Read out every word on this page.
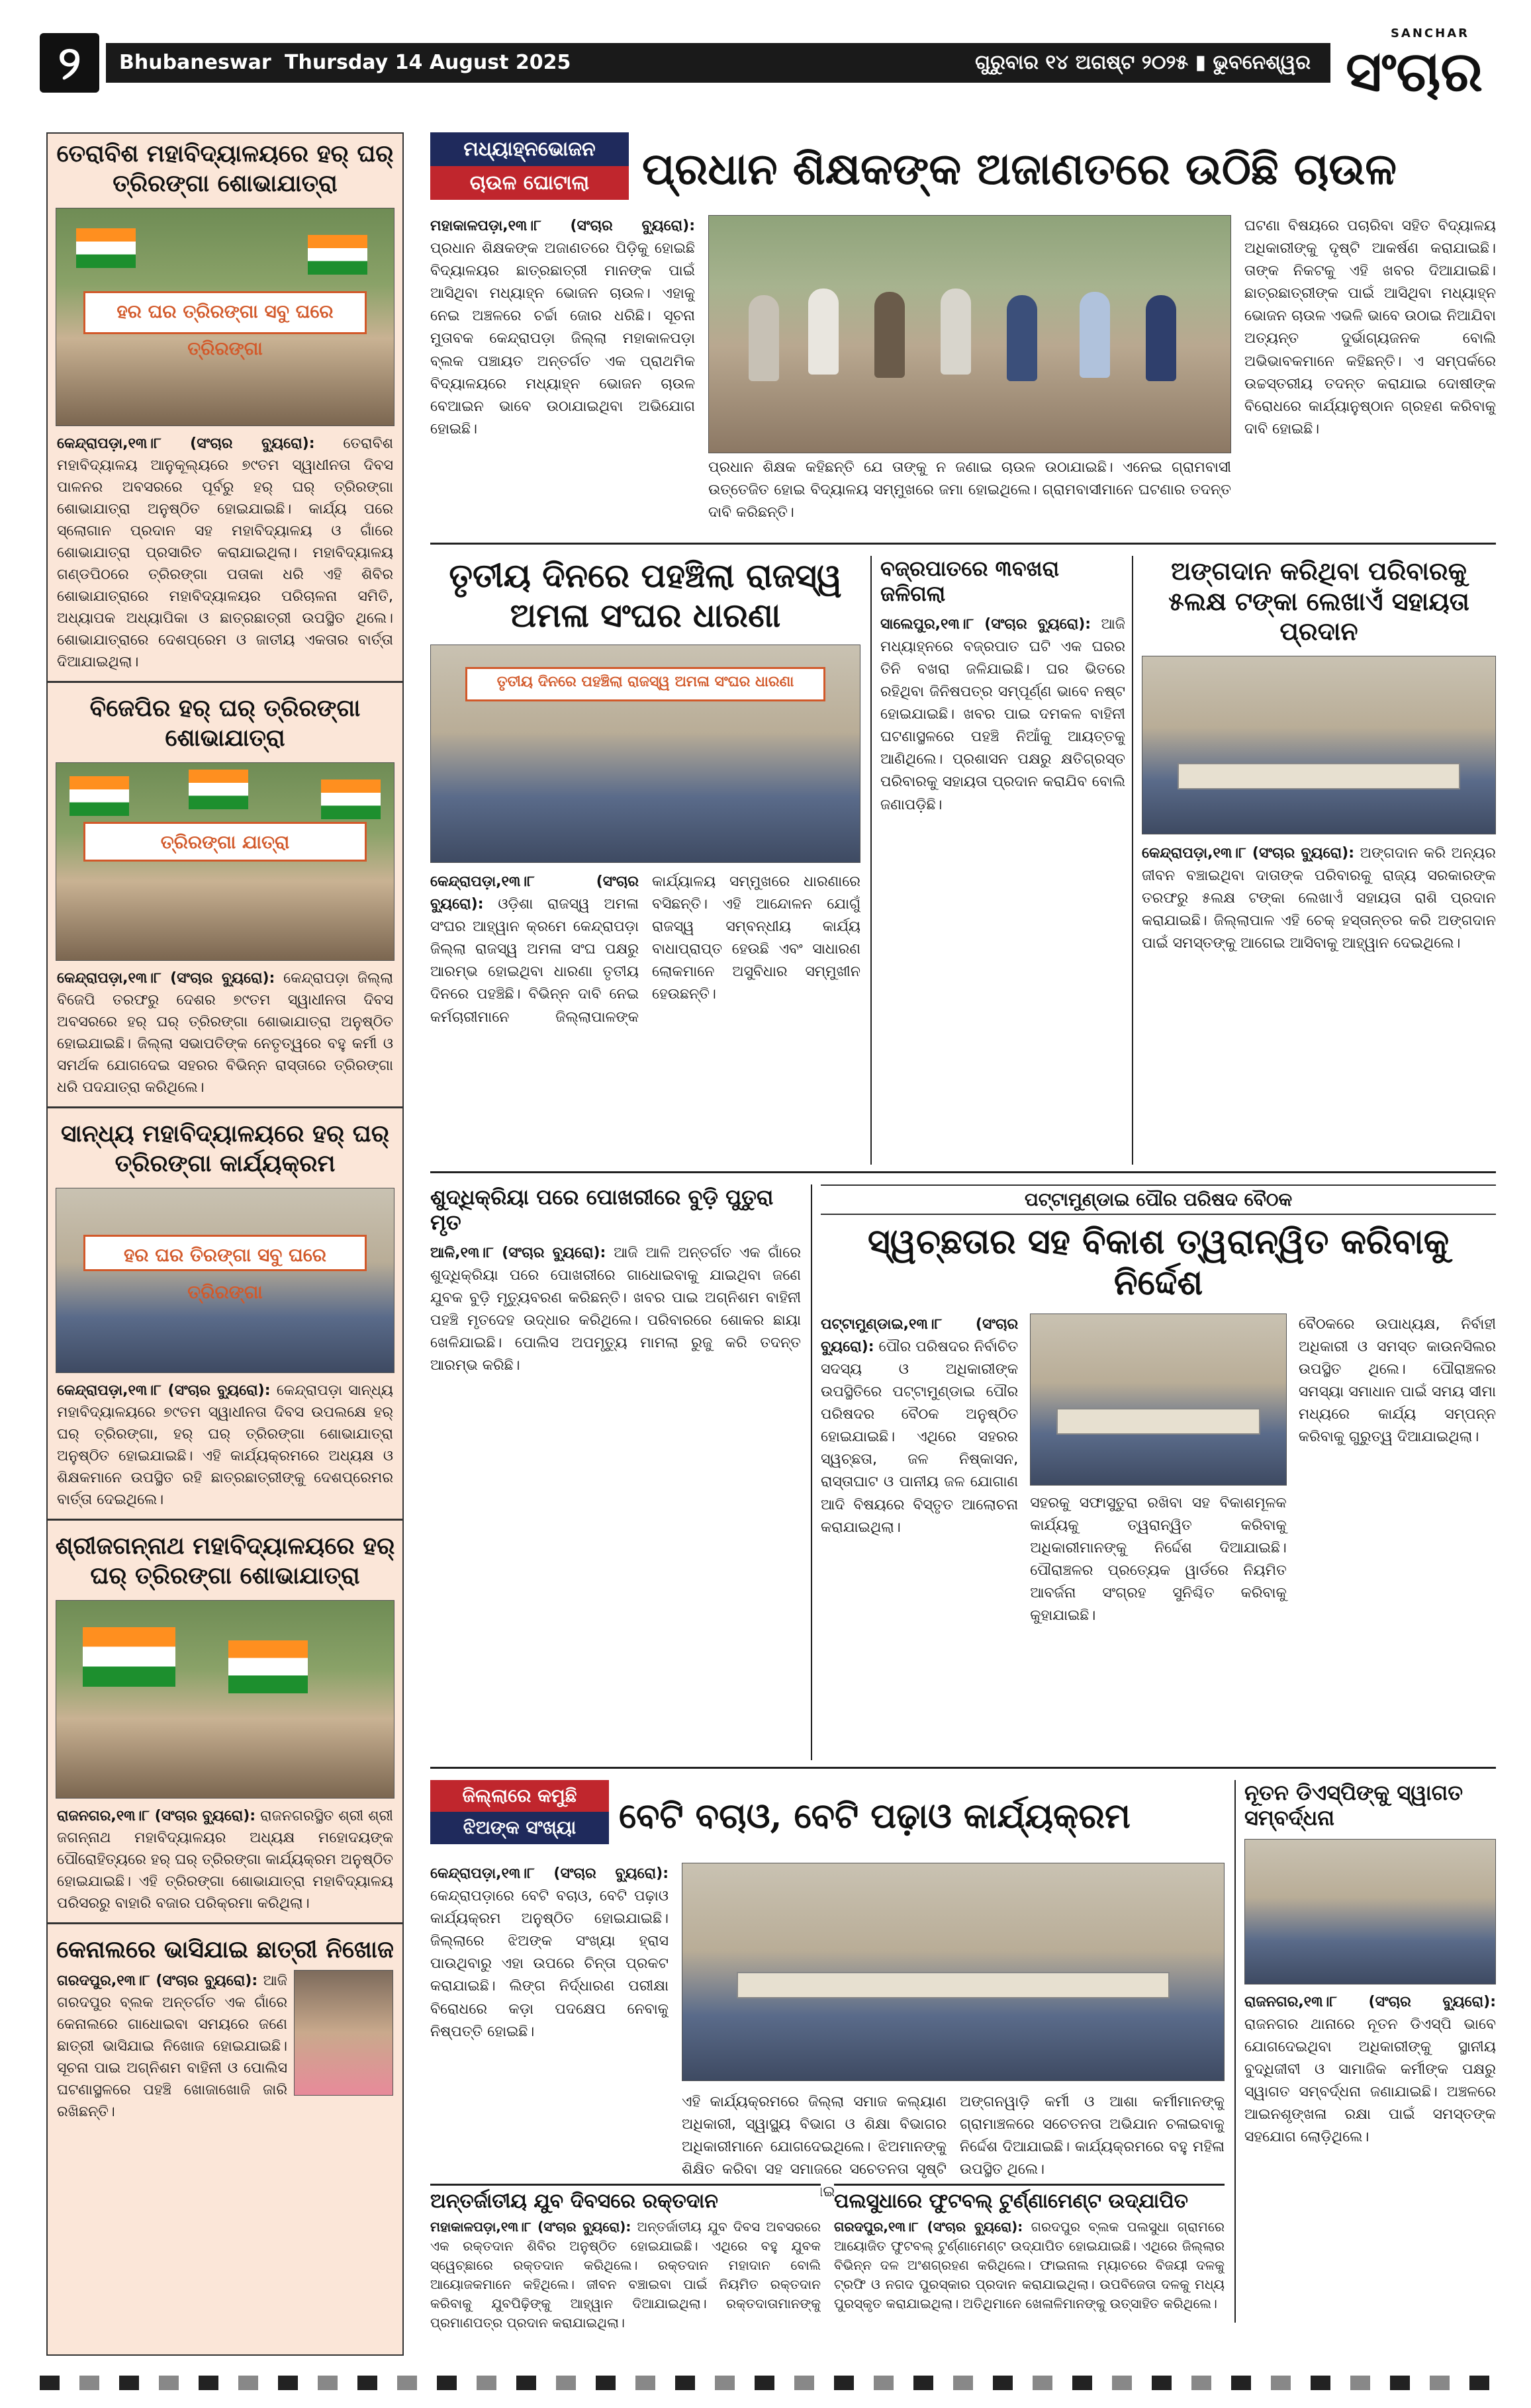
୨	Bhubaneswar Thursday 14 August 2025	ଗୁରୁବାର ୧୪ ଅଗଷ୍ଟ ୨୦୨୫ ▮ ଭୁବନେଶ୍ୱର
SANCHAR
ସଂଚାର
ତେରାବିଶ ମହାବିଦ୍ୟାଳୟରେ ହର୍ ଘର୍ ତ୍ରିରଙ୍ଗା ଶୋଭାଯାତ୍ରା
ହର ଘର ତ୍ରିରଙ୍ଗା ସବୁ ଘରେ ତ୍ରିରଙ୍ଗା
କେନ୍ଦ୍ରାପଡ଼ା,୧୩।୮ (ସଂଚାର ବ୍ୟୁରୋ): ତେରାବିଶ ମହାବିଦ୍ୟାଳୟ ଆନୁକୂଲ୍ୟରେ ୭୯ତମ ସ୍ୱାଧୀନତା ଦିବସ ପାଳନର ଅବସରରେ ପୂର୍ବରୁ ହର୍ ଘର୍ ତ୍ରିରଙ୍ଗା ଶୋଭାଯାତ୍ରା ଅନୁଷ୍ଠିତ ହୋଇଯାଇଛି। କାର୍ଯ୍ୟ ପରେ ସ୍ଲୋଗାନ ପ୍ରଦାନ ସହ ମହାବିଦ୍ୟାଳୟ ଓ ଗାଁରେ ଶୋଭାଯାତ୍ରା ପ୍ରସାରିତ କରାଯାଇଥିଲା। ମହାବିଦ୍ୟାଳୟ ଗଣ୍ଡପିଠରେ ତ୍ରିରଙ୍ଗା ପତାକା ଧରି ଏହି ଶିବିର ଶୋଭାଯାତ୍ରାରେ ମହାବିଦ୍ୟାଳୟର ପରିଚାଳନା ସମିତି, ଅଧ୍ୟାପକ ଅଧ୍ୟାପିକା ଓ ଛାତ୍ରଛାତ୍ରୀ ଉପସ୍ଥିତ ଥିଲେ। ଶୋଭାଯାତ୍ରାରେ ଦେଶପ୍ରେମ ଓ ଜାତୀୟ ଏକତାର ବାର୍ତ୍ତା ଦିଆଯାଇଥିଲା।
ବିଜେପିର ହର୍ ଘର୍ ତ୍ରିରଙ୍ଗା ଶୋଭାଯାତ୍ରା
ତ୍ରିରଙ୍ଗା ଯାତ୍ରା
କେନ୍ଦ୍ରାପଡ଼ା,୧୩।୮ (ସଂଚାର ବ୍ୟୁରୋ): କେନ୍ଦ୍ରାପଡ଼ା ଜିଲ୍ଲା ବିଜେପି ତରଫରୁ ଦେଶର ୭୯ତମ ସ୍ୱାଧୀନତା ଦିବସ ଅବସରରେ ହର୍ ଘର୍ ତ୍ରିରଙ୍ଗା ଶୋଭାଯାତ୍ରା ଅନୁଷ୍ଠିତ ହୋଇଯାଇଛି। ଜିଲ୍ଲା ସଭାପତିଙ୍କ ନେତୃତ୍ୱରେ ବହୁ କର୍ମୀ ଓ ସମର୍ଥକ ଯୋଗଦେଇ ସହରର ବିଭିନ୍ନ ରାସ୍ତାରେ ତ୍ରିରଙ୍ଗା ଧରି ପଦଯାତ୍ରା କରିଥିଲେ।
ସାନ୍ଧ୍ୟ ମହାବିଦ୍ୟାଳୟରେ ହର୍ ଘର୍ ତ୍ରିରଙ୍ଗା କାର୍ଯ୍ୟକ୍ରମ
ହର ଘର ତିରଙ୍ଗା ସବୁ ଘରେ ତ୍ରିରଙ୍ଗା
କେନ୍ଦ୍ରାପଡ଼ା,୧୩।୮ (ସଂଚାର ବ୍ୟୁରୋ): କେନ୍ଦ୍ରାପଡ଼ା ସାନ୍ଧ୍ୟ ମହାବିଦ୍ୟାଳୟରେ ୭୯ତମ ସ୍ୱାଧୀନତା ଦିବସ ଉପଲକ୍ଷେ ହର୍ ଘର୍ ତ୍ରିରଙ୍ଗା, ହର୍ ଘର୍ ତ୍ରିରଙ୍ଗା ଶୋଭାଯାତ୍ରା ଅନୁଷ୍ଠିତ ହୋଇଯାଇଛି। ଏହି କାର୍ଯ୍ୟକ୍ରମରେ ଅଧ୍ୟକ୍ଷ ଓ ଶିକ୍ଷକମାନେ ଉପସ୍ଥିତ ରହି ଛାତ୍ରଛାତ୍ରୀଙ୍କୁ ଦେଶପ୍ରେମର ବାର୍ତ୍ତା ଦେଇଥିଲେ।
ଶ୍ରୀଜଗନ୍ନାଥ ମହାବିଦ୍ୟାଳୟରେ ହର୍ ଘର୍ ତ୍ରିରଙ୍ଗା ଶୋଭାଯାତ୍ରା
ରାଜନଗର,୧୩।୮ (ସଂଚାର ବ୍ୟୁରୋ): ରାଜନଗରସ୍ଥିତ ଶ୍ରୀ ଶ୍ରୀ ଜଗନ୍ନାଥ ମହାବିଦ୍ୟାଳୟର ଅଧ୍ୟକ୍ଷ ମହୋଦୟଙ୍କ ପୌରୋହିତ୍ୟରେ ହର୍ ଘର୍ ତ୍ରିରଙ୍ଗା କାର୍ଯ୍ୟକ୍ରମ ଅନୁଷ୍ଠିତ ହୋଇଯାଇଛି। ଏହି ତ୍ରିରଙ୍ଗା ଶୋଭାଯାତ୍ରା ମହାବିଦ୍ୟାଳୟ ପରିସରରୁ ବାହାରି ବଜାର ପରିକ୍ରମା କରିଥିଲା।
କେନାଲରେ ଭାସିଯାଇ ଛାତ୍ରୀ ନିଖୋଜ
ଗରଦପୁର,୧୩।୮ (ସଂଚାର ବ୍ୟୁରୋ): ଆଜି ଗରଦପୁର ବ୍ଲକ ଅନ୍ତର୍ଗତ ଏକ ଗାଁରେ କେନାଲରେ ଗାଧୋଇବା ସମୟରେ ଜଣେ ଛାତ୍ରୀ ଭାସିଯାଇ ନିଖୋଜ ହୋଇଯାଇଛି। ସୂଚନା ପାଇ ଅଗ୍ନିଶମ ବାହିନୀ ଓ ପୋଲିସ ଘଟଣାସ୍ଥଳରେ ପହଞ୍ଚି ଖୋଜାଖୋଜି ଜାରି ରଖିଛନ୍ତି।
ମଧ୍ୟାହ୍ନଭୋଜନ
ଚାଉଳ ଘୋଟାଲା	ପ୍ରଧାନ ଶିକ୍ଷକଙ୍କ ଅଜାଣତରେ ଉଠିଛି ଚାଉଳ
ମହାକାଳପଡ଼ା,୧୩।୮ (ସଂଚାର ବ୍ୟୁରୋ): ପ୍ରଧାନ ଶିକ୍ଷକଙ୍କ ଅଜାଣତରେ ପିଡ଼ିକୁ ହୋଇଛି ବିଦ୍ୟାଳୟର ଛାତ୍ରଛାତ୍ରୀ ମାନଙ୍କ ପାଇଁ ଆସିଥିବା ମଧ୍ୟାହ୍ନ ଭୋଜନ ଚାଉଳ। ଏହାକୁ ନେଇ ଅଞ୍ଚଳରେ ଚର୍ଚ୍ଚା ଜୋର ଧରିଛି। ସୂଚନା ମୁତାବକ କେନ୍ଦ୍ରାପଡ଼ା ଜିଲ୍ଲା ମହାକାଳପଡ଼ା ବ୍ଲକ ପଞ୍ଚାୟତ ଅନ୍ତର୍ଗତ ଏକ ପ୍ରାଥମିକ ବିଦ୍ୟାଳୟରେ ମଧ୍ୟାହ୍ନ ଭୋଜନ ଚାଉଳ ବେଆଇନ ଭାବେ ଉଠାଯାଇଥିବା ଅଭିଯୋଗ ହୋଇଛି।
ପ୍ରଧାନ ଶିକ୍ଷକ କହିଛନ୍ତି ଯେ ତାଙ୍କୁ ନ ଜଣାଇ ଚାଉଳ ଉଠାଯାଇଛି। ଏନେଇ ଗ୍ରାମବାସୀ ଉତ୍ତେଜିତ ହୋଇ ବିଦ୍ୟାଳୟ ସମ୍ମୁଖରେ ଜମା ହୋଇଥିଲେ। ଗ୍ରାମବାସୀମାନେ ଘଟଣାର ତଦନ୍ତ ଦାବି କରିଛନ୍ତି।
ଘଟଣା ବିଷୟରେ ପଚାରିବା ସହିତ ବିଦ୍ୟାଳୟ ଅଧିକାରୀଙ୍କୁ ଦୃଷ୍ଟି ଆକର୍ଷଣ କରାଯାଇଛି। ତାଙ୍କ ନିକଟକୁ ଏହି ଖବର ଦିଆଯାଇଛି। ଛାତ୍ରଛାତ୍ରୀଙ୍କ ପାଇଁ ଆସିଥିବା ମଧ୍ୟାହ୍ନ ଭୋଜନ ଚାଉଳ ଏଭଳି ଭାବେ ଉଠାଇ ନିଆଯିବା ଅତ୍ୟନ୍ତ ଦୁର୍ଭାଗ୍ୟଜନକ ବୋଲି ଅଭିଭାବକମାନେ କହିଛନ୍ତି। ଏ ସମ୍ପର୍କରେ ଉଚ୍ଚସ୍ତରୀୟ ତଦନ୍ତ କରାଯାଇ ଦୋଷୀଙ୍କ ବିରୋଧରେ କାର୍ଯ୍ୟାନୁଷ୍ଠାନ ଗ୍ରହଣ କରିବାକୁ ଦାବି ହୋଇଛି।
ତୃତୀୟ ଦିନରେ ପହଞ୍ଚିଲା ରାଜସ୍ୱ ଅମଳା ସଂଘର ଧାରଣା
ତୃତୀୟ ଦିନରେ ପହଞ୍ଚିଲା ରାଜସ୍ୱ ଅମଳା ସଂଘର ଧାରଣା
କେନ୍ଦ୍ରାପଡ଼ା,୧୩।୮ (ସଂଚାର ବ୍ୟୁରୋ): ଓଡ଼ିଶା ରାଜସ୍ୱ ଅମଳା ସଂଘର ଆହ୍ୱାନ କ୍ରମେ କେନ୍ଦ୍ରାପଡ଼ା ଜିଲ୍ଲା ରାଜସ୍ୱ ଅମଳା ସଂଘ ପକ୍ଷରୁ ଆରମ୍ଭ ହୋଇଥିବା ଧାରଣା ତୃତୀୟ ଦିନରେ ପହଞ୍ଚିଛି। ବିଭିନ୍ନ ଦାବି ନେଇ କର୍ମଚାରୀମାନେ ଜିଲ୍ଲାପାଳଙ୍କ କାର୍ଯ୍ୟାଳୟ ସମ୍ମୁଖରେ ଧାରଣାରେ ବସିଛନ୍ତି। ଏହି ଆନ୍ଦୋଳନ ଯୋଗୁଁ ରାଜସ୍ୱ ସମ୍ବନ୍ଧୀୟ କାର୍ଯ୍ୟ ବାଧାପ୍ରାପ୍ତ ହେଉଛି ଏବଂ ସାଧାରଣ ଲୋକମାନେ ଅସୁବିଧାର ସମ୍ମୁଖୀନ ହେଉଛନ୍ତି।
ବଜ୍ରପାତରେ ୩ବଖରା ଜଳିଗଲା
ସାଲେପୁର,୧୩।୮ (ସଂଚାର ବ୍ୟୁରୋ): ଆଜି ମଧ୍ୟାହ୍ନରେ ବଜ୍ରପାତ ଘଟି ଏକ ଘରର ତିନି ବଖରା ଜଳିଯାଇଛି। ଘର ଭିତରେ ରହିଥିବା ଜିନିଷପତ୍ର ସମ୍ପୂର୍ଣ୍ଣ ଭାବେ ନଷ୍ଟ ହୋଇଯାଇଛି। ଖବର ପାଇ ଦମକଳ ବାହିନୀ ଘଟଣାସ୍ଥଳରେ ପହଞ୍ଚି ନିଆଁକୁ ଆୟତ୍ତକୁ ଆଣିଥିଲେ। ପ୍ରଶାସନ ପକ୍ଷରୁ କ୍ଷତିଗ୍ରସ୍ତ ପରିବାରକୁ ସହାୟତା ପ୍ରଦାନ କରାଯିବ ବୋଲି ଜଣାପଡ଼ିଛି।
ଅଙ୍ଗଦାନ କରିଥିବା ପରିବାରକୁ ୫ଲକ୍ଷ ଟଙ୍କା ଲେଖାଏଁ ସହାୟତା ପ୍ରଦାନ
କେନ୍ଦ୍ରାପଡ଼ା,୧୩।୮ (ସଂଚାର ବ୍ୟୁରୋ): ଅଙ୍ଗଦାନ କରି ଅନ୍ୟର ଜୀବନ ବଞ୍ଚାଇଥିବା ଦାତାଙ୍କ ପରିବାରକୁ ରାଜ୍ୟ ସରକାରଙ୍କ ତରଫରୁ ୫ଲକ୍ଷ ଟଙ୍କା ଲେଖାଏଁ ସହାୟତା ରାଶି ପ୍ରଦାନ କରାଯାଇଛି। ଜିଲ୍ଲାପାଳ ଏହି ଚେକ୍ ହସ୍ତାନ୍ତର କରି ଅଙ୍ଗଦାନ ପାଇଁ ସମସ୍ତଙ୍କୁ ଆଗେଇ ଆସିବାକୁ ଆହ୍ୱାନ ଦେଇଥିଲେ।
ଶୁଦ୍ଧିକ୍ରିୟା ପରେ ପୋଖରୀରେ ବୁଡ଼ି ପୁତୁରା ମୃତ
ଆଳି,୧୩।୮ (ସଂଚାର ବ୍ୟୁରୋ): ଆଜି ଆଳି ଅନ୍ତର୍ଗତ ଏକ ଗାଁରେ ଶୁଦ୍ଧିକ୍ରିୟା ପରେ ପୋଖରୀରେ ଗାଧୋଇବାକୁ ଯାଇଥିବା ଜଣେ ଯୁବକ ବୁଡ଼ି ମୃତ୍ୟୁବରଣ କରିଛନ୍ତି। ଖବର ପାଇ ଅଗ୍ନିଶମ ବାହିନୀ ପହଞ୍ଚି ମୃତଦେହ ଉଦ୍ଧାର କରିଥିଲେ। ପରିବାରରେ ଶୋକର ଛାୟା ଖେଳିଯାଇଛି। ପୋଲିସ ଅପମୃତ୍ୟୁ ମାମଲା ରୁଜୁ କରି ତଦନ୍ତ ଆରମ୍ଭ କରିଛି।
ପଟ୍ଟାମୁଣ୍ଡାଇ ପୌର ପରିଷଦ ବୈଠକ
ସ୍ୱଚ୍ଛତାର ସହ ବିକାଶ ତ୍ୱରାନ୍ୱିତ କରିବାକୁ ନିର୍ଦ୍ଦେଶ
ପଟ୍ଟାମୁଣ୍ଡାଇ,୧୩।୮ (ସଂଚାର ବ୍ୟୁରୋ): ପୌର ପରିଷଦର ନିର୍ବାଚିତ ସଦସ୍ୟ ଓ ଅଧିକାରୀଙ୍କ ଉପସ୍ଥିତିରେ ପଟ୍ଟାମୁଣ୍ଡାଇ ପୌର ପରିଷଦର ବୈଠକ ଅନୁଷ୍ଠିତ ହୋଇଯାଇଛି। ଏଥିରେ ସହରର ସ୍ୱଚ୍ଛତା, ଜଳ ନିଷ୍କାସନ, ରାସ୍ତାଘାଟ ଓ ପାନୀୟ ଜଳ ଯୋଗାଣ ଆଦି ବିଷୟରେ ବିସ୍ତୃତ ଆଲୋଚନା କରାଯାଇଥିଲା।
ସହରକୁ ସଫାସୁତୁରା ରଖିବା ସହ ବିକାଶମୂଳକ କାର୍ଯ୍ୟକୁ ତ୍ୱରାନ୍ୱିତ କରିବାକୁ ଅଧିକାରୀମାନଙ୍କୁ ନିର୍ଦ୍ଦେଶ ଦିଆଯାଇଛି। ପୌରାଞ୍ଚଳର ପ୍ରତ୍ୟେକ ୱାର୍ଡରେ ନିୟମିତ ଆବର୍ଜନା ସଂଗ୍ରହ ସୁନିଶ୍ଚିତ କରିବାକୁ କୁହାଯାଇଛି।
ବୈଠକରେ ଉପାଧ୍ୟକ୍ଷ, ନିର୍ବାହୀ ଅଧିକାରୀ ଓ ସମସ୍ତ କାଉନସିଲର ଉପସ୍ଥିତ ଥିଲେ। ପୌରାଞ୍ଚଳର ସମସ୍ୟା ସମାଧାନ ପାଇଁ ସମୟ ସୀମା ମଧ୍ୟରେ କାର୍ଯ୍ୟ ସମ୍ପନ୍ନ କରିବାକୁ ଗୁରୁତ୍ୱ ଦିଆଯାଇଥିଲା।
ଜିଲ୍ଲାରେ କମୁଛି
ଝିଅଙ୍କ ସଂଖ୍ୟା	ବେଟି ବଚାଓ, ବେଟି ପଢ଼ାଓ କାର୍ଯ୍ୟକ୍ରମ
କେନ୍ଦ୍ରାପଡ଼ା,୧୩।୮ (ସଂଚାର ବ୍ୟୁରୋ): କେନ୍ଦ୍ରାପଡ଼ାରେ ବେଟି ବଚାଓ, ବେଟି ପଢ଼ାଓ କାର୍ଯ୍ୟକ୍ରମ ଅନୁଷ୍ଠିତ ହୋଇଯାଇଛି। ଜିଲ୍ଲାରେ ଝିଅଙ୍କ ସଂଖ୍ୟା ହ୍ରାସ ପାଉଥିବାରୁ ଏହା ଉପରେ ଚିନ୍ତା ପ୍ରକଟ କରାଯାଇଛି। ଲିଙ୍ଗ ନିର୍ଦ୍ଧାରଣ ପରୀକ୍ଷା ବିରୋଧରେ କଡ଼ା ପଦକ୍ଷେପ ନେବାକୁ ନିଷ୍ପତ୍ତି ହୋଇଛି।
ଏହି କାର୍ଯ୍ୟକ୍ରମରେ ଜିଲ୍ଲା ସମାଜ କଲ୍ୟାଣ ଅଧିକାରୀ, ସ୍ୱାସ୍ଥ୍ୟ ବିଭାଗ ଓ ଶିକ୍ଷା ବିଭାଗର ଅଧିକାରୀମାନେ ଯୋଗଦେଇଥିଲେ। ଝିଅମାନଙ୍କୁ ଶିକ୍ଷିତ କରିବା ସହ ସମାଜରେ ସଚେତନତା ସୃଷ୍ଟି ଦିଆଯାଇଥିଲା।
ଅଙ୍ଗନୱାଡ଼ି କର୍ମୀ ଓ ଆଶା କର୍ମୀମାନଙ୍କୁ ଗ୍ରାମାଞ୍ଚଳରେ ସଚେତନତା ଅଭିଯାନ ଚଳାଇବାକୁ ନିର୍ଦ୍ଦେଶ ଦିଆଯାଇଛି। କାର୍ଯ୍ୟକ୍ରମରେ ବହୁ ମହିଳା ଉପସ୍ଥିତ ଥିଲେ।
ନୂତନ ଡିଏସ୍‌ପିଙ୍କୁ ସ୍ୱାଗତ ସମ୍ବର୍ଦ୍ଧନା
ରାଜନଗର,୧୩।୮ (ସଂଚାର ବ୍ୟୁରୋ): ରାଜନଗର ଥାନାରେ ନୂତନ ଡିଏସ୍‌ପି ଭାବେ ଯୋଗଦେଇଥିବା ଅଧିକାରୀଙ୍କୁ ସ୍ଥାନୀୟ ବୁଦ୍ଧିଜୀବୀ ଓ ସାମାଜିକ କର୍ମୀଙ୍କ ପକ୍ଷରୁ ସ୍ୱାଗତ ସମ୍ବର୍ଦ୍ଧନା ଜଣାଯାଇଛି। ଅଞ୍ଚଳରେ ଆଇନଶୃଙ୍ଖଳା ରକ୍ଷା ପାଇଁ ସମସ୍ତଙ୍କ ସହଯୋଗ ଲୋଡ଼ିଥିଲେ।
ଅନ୍ତର୍ଜାତୀୟ ଯୁବ ଦିବସରେ ରକ୍ତଦାନ
ମହାକାଳପଡ଼ା,୧୩।୮ (ସଂଚାର ବ୍ୟୁରୋ): ଅନ୍ତର୍ଜାତୀୟ ଯୁବ ଦିବସ ଅବସରରେ ଏକ ରକ୍ତଦାନ ଶିବିର ଅନୁଷ୍ଠିତ ହୋଇଯାଇଛି। ଏଥିରେ ବହୁ ଯୁବକ ସ୍ୱେଚ୍ଛାରେ ରକ୍ତଦାନ କରିଥିଲେ। ରକ୍ତଦାନ ମହାଦାନ ବୋଲି ଆୟୋଜକମାନେ କହିଥିଲେ। ଜୀବନ ବଞ୍ଚାଇବା ପାଇଁ ନିୟମିତ ରକ୍ତଦାନ କରିବାକୁ ଯୁବପିଢ଼ିଙ୍କୁ ଆହ୍ୱାନ ଦିଆଯାଇଥିଲା। ରକ୍ତଦାତାମାନଙ୍କୁ ପ୍ରମାଣପତ୍ର ପ୍ରଦାନ କରାଯାଇଥିଲା।
ପଲସୁଧାରେ ଫୁଟବଲ୍ ଟୁର୍ଣ୍ଣାମେଣ୍ଟ ଉଦ୍‌ଯାପିତ
ଗରଦପୁର,୧୩।୮ (ସଂଚାର ବ୍ୟୁରୋ): ଗରଦପୁର ବ୍ଲକ ପଲସୁଧା ଗ୍ରାମରେ ଆୟୋଜିତ ଫୁଟବଲ୍ ଟୁର୍ଣ୍ଣାମେଣ୍ଟ ଉଦ୍‌ଯାପିତ ହୋଇଯାଇଛି। ଏଥିରେ ଜିଲ୍ଲାର ବିଭିନ୍ନ ଦଳ ଅଂଶଗ୍ରହଣ କରିଥିଲେ। ଫାଇନାଲ ମ୍ୟାଚରେ ବିଜୟୀ ଦଳକୁ ଟ୍ରଫି ଓ ନଗଦ ପୁରସ୍କାର ପ୍ରଦାନ କରାଯାଇଥିଲା। ଉପବିଜେତା ଦଳକୁ ମଧ୍ୟ ପୁରସ୍କୃତ କରାଯାଇଥିଲା। ଅତିଥିମାନେ ଖେଳାଳିମାନଙ୍କୁ ଉତ୍ସାହିତ କରିଥିଲେ।
